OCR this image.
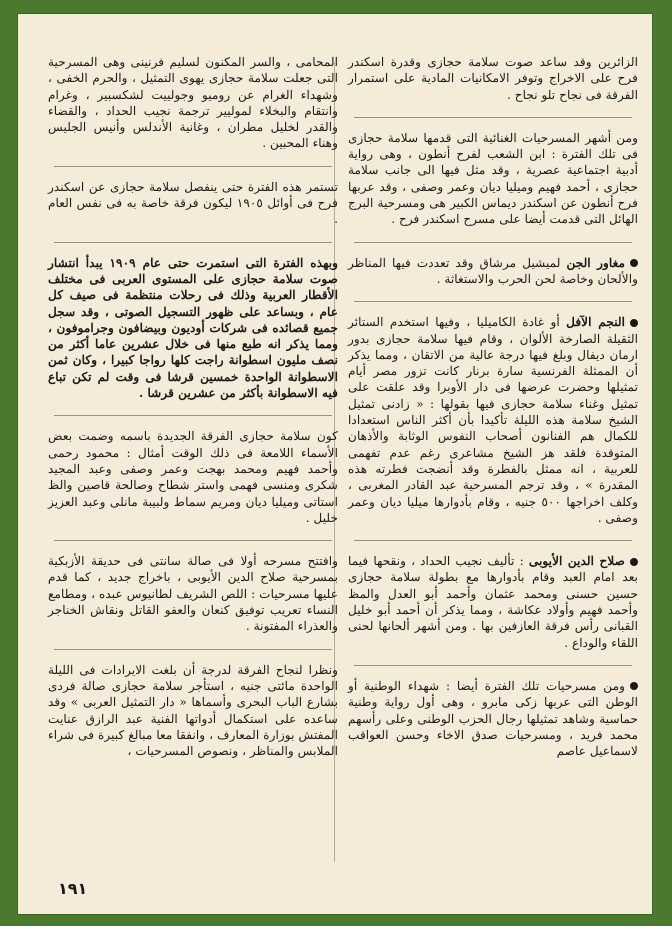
الزائرين وقد ساعد صوت سلامة حجازى وقدرة اسكندر فرح على الاخراج وتوفر الامكانيات المادية على استمرار الفرقة فى نجاح تلو نجاح .

ومن أشهر المسرحيات الغنائية التى قدمها سلامة حجازى فى تلك الفترة : ابن الشعب لفرح أنطون ، وهى رواية أدبية اجتماعية عصرية ، وقد مثل فيها الى جانب سلامة حجازى ، أحمد فهيم وميليا ديان وعمر وصفى ، وقد عربها فرح أنطون عن اسكندر ديماس الكبير هى ومسرحية البرج الهائل التى قدمت أيضا على مسرح اسكندر فرح .

مغاور الجن لميشيل مرشاق وقد تعددت فيها المناظر والألحان وخاصة لحن الحرب والاستغاثة .

النجم الآفل أو غادة الكاميليا ، وفيها استخدم الستائر الثقيلة الصارخة الألوان ، وقام فيها سلامة حجازى بدور ارمان ديفال وبلغ فيها درجة عالية من الاتقان ، ومما يذكر أن الممثلة الفرنسية سارة برنار كانت تزور مصر أيام تمثيلها وحضرت عرضها فى دار الأوبرا وقد علقت على تمثيل وغناء سلامة حجازى فيها بقولها : « زادنى تمثيل الشيخ سلامة هذه الليلة تأكيدا بأن أكثر الناس استعدادا للكمال هم الفنانون أصحاب النفوس الوثابة والأذهان المتوقدة فلقد هز الشيخ مشاعرى رغم عدم تفهمى للعربية ، انه ممثل بالفطرة وقد أنضجت فطرته هذه المقدرة » ، وقد ترجم المسرحية عبد القادر المغربى ، وكلف اخراجها ٥٠٠ جنيه ، وقام بأدوارها ميليا ديان وعمر وصفى .

صلاح الدين الأيوبى : تأليف نجيب الحداد ، ونقحها فيما بعد امام العبد وقام بأدوارها مع بطولة سلامة حجازى حسين حسنى ومحمد عثمان وأحمد أبو العدل والمظ وأحمد فهيم وأولاد عكاشة ، ومما يذكر أن أحمد أبو خليل القبانى رأس فرقة العازفين بها . ومن أشهر ألحانها لحنى اللقاء والوداع .

ومن مسرحيات تلك الفترة أيضا : شهداء الوطنية أو الوطن التى عربها زكى مابرو ، وهى أول رواية وطنية حماسية وشاهد تمثيلها رجال الحزب الوطنى وعلى رأسهم محمد فريد ، ومسرحيات صدق الاخاء وحسن العواقب لاسماعيل عاصم

المحامى ، والسر المكنون لسليم فرنينى وهى المسرحية التى جعلت سلامة حجازى يهوى التمثيل ، والحرم الخفى ، وشهداء الغرام عن روميو وجولييت لشكسبير ، وغرام وانتقام والبخلاء لموليير ترجمة نجيب الحداد ، والقضاء والقدر لخليل مطران ، وغانية الأندلس وأنيس الجليس وهناء المحبين .

تستمر هذه الفترة حتى ينفصل سلامة حجازى عن اسكندر فرح فى أوائل ١٩٠٥ ليكون فرقة خاصة به فى نفس العام .

وبهذه الفترة التى استمرت حتى عام ١٩٠٩ يبدأ انتشار صوت سلامة حجازى على المستوى العربى فى مختلف الأقطار العربية وذلك فى رحلات منتظمة فى صيف كل عام ، وبساعد على ظهور التسجيل الصوتى ، وقد سجل جميع قصائده فى شركات أوديون وبيضافون وجراموفون ، ومما يذكر انه طبع منها فى خلال عشرين عاما أكثر من نصف مليون اسطوانة راجت كلها رواجا كبيرا ، وكان ثمن الاسطوانة الواحدة خمسين قرشا فى وقت لم تكن تباع فيه الاسطوانة بأكثر من عشرين قرشا .

كون سلامة حجازى الفرقة الجديدة باسمه وضمت بعض الأسماء اللامعة فى ذلك الوقت أمثال : محمود رحمى وأحمد فهيم ومحمد بهجت وعمر وصفى وعبد المجيد شكرى ومنسى فهمى واستر شطاح وصالحة قاصين والظ استاتى وميليا ديان ومريم سماط ولبيبة مانلى وعبد العزيز خليل .

وافتتح مسرحه أولا فى صالة سانتى فى حديقة الأزبكية بمسرحية صلاح الدين الأيوبى ، باخراج جديد ، كما قدم عليها مسرحيات : اللص الشريف لطانيوس عبده ، ومطامع النساء تعريب توفيق كنعان والعفو القاتل ونقاش الخناجر والعذراء المفتونة .

ونظرا لنجاح الفرقة لدرجة أن بلغت الايرادات فى الليلة الواحدة مائتى جنيه ، استأجر سلامة حجازى صالة فردى بشارع الباب البحرى وأسماها « دار التمثيل العربى » وقد ساعده على استكمال أدواتها الفنية عبد الرازق عنايت المفتش بوزارة المعارف ، وانفقا معا مبالغ كبيرة فى شراء الملابس والمناظر ، ونصوص المسرحيات ،

١٩١
